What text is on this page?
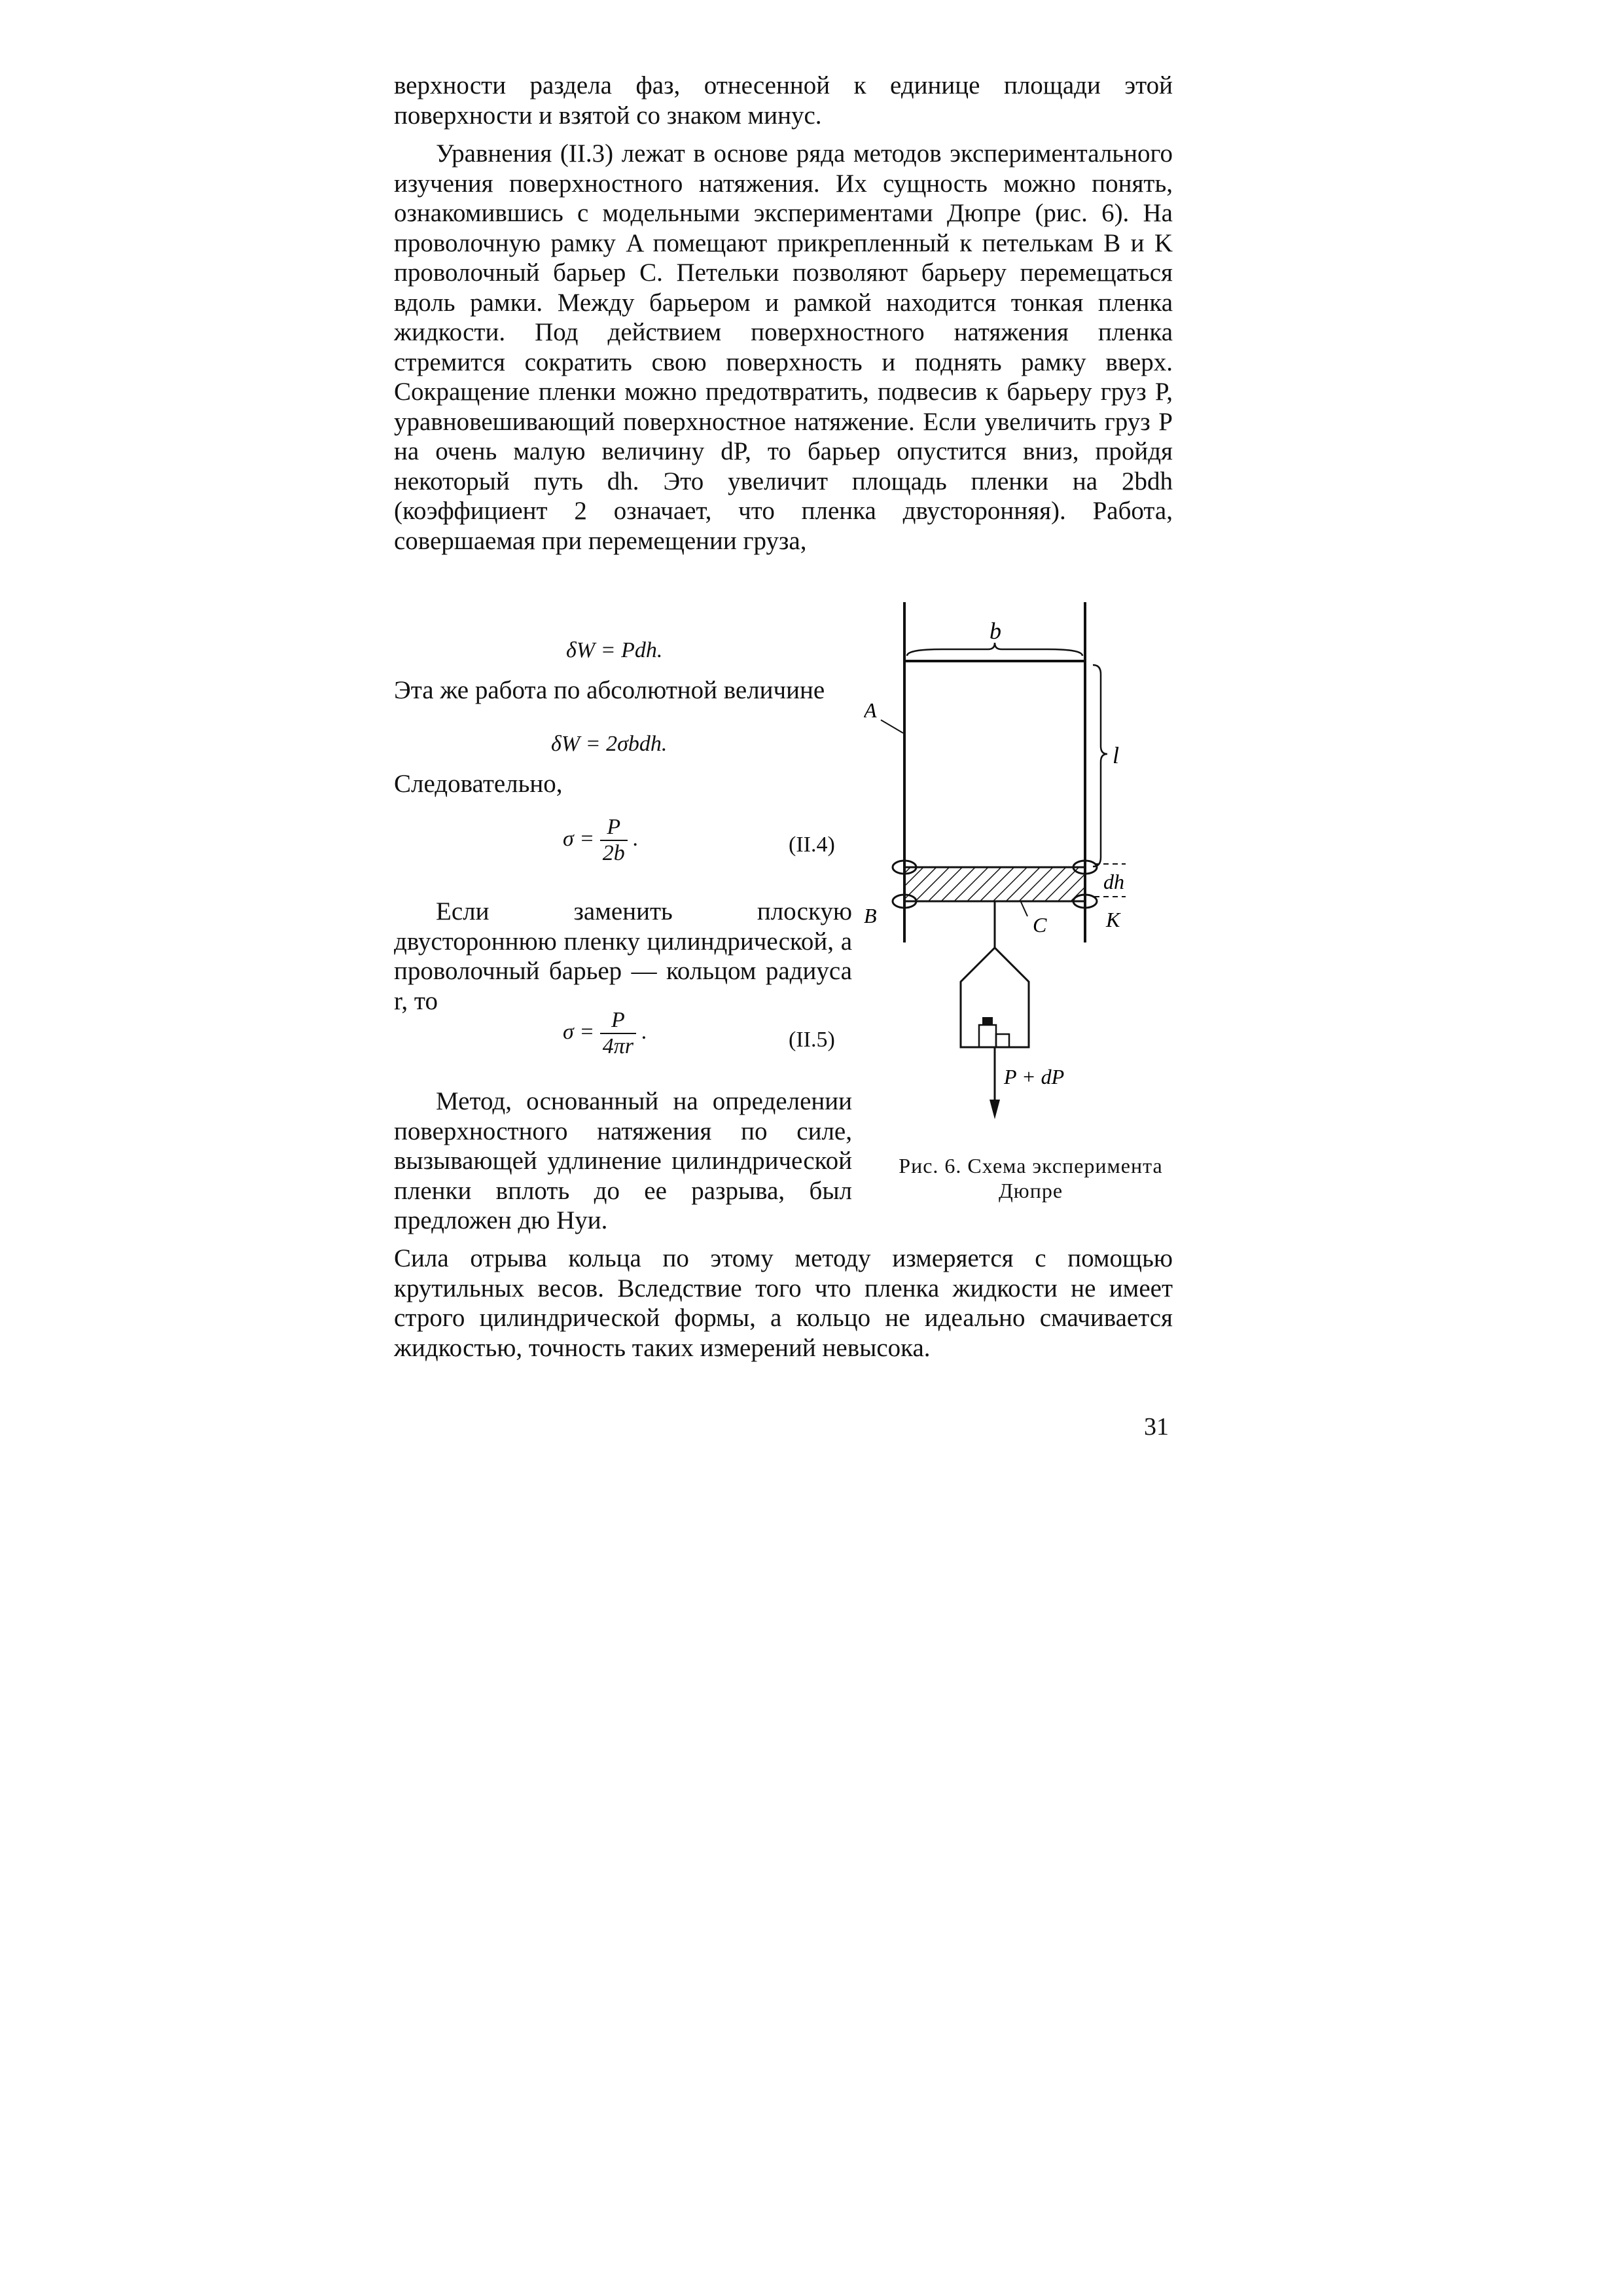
верхности раздела фаз, отнесенной к единице площади этой поверхности и взятой со знаком минус.

Уравнения (II.3) лежат в основе ряда методов экспериментального изучения поверхностного натяжения. Их сущность можно понять, ознакомившись с модельными экспериментами Дюпре (рис. 6). На проволочную рамку A помещают прикрепленный к петелькам B и K проволочный барьер C. Петельки позволяют барьеру перемещаться вдоль рамки. Между барьером и рамкой находится тонкая пленка жидкости. Под действием поверхностного натяжения пленка стремится сократить свою поверхность и поднять рамку вверх. Сокращение пленки можно предотвратить, подвесив к барьеру груз P, уравновешивающий поверхностное натяжение. Если увеличить груз P на очень малую величину dP, то барьер опустится вниз, пройдя некоторый путь dh. Это увеличит площадь пленки на 2bdh (коэффициент 2 означает, что пленка двусторонняя). Работа, совершаемая при перемещении груза,

δW = Pdh.

Эта же работа по абсолютной величине

δW = 2σbdh.

Следовательно,

$\sigma = \frac{P}{2b}$ .	(II.4)

Если заменить плоскую двустороннюю пленку цилиндрической, а проволочный барьер — кольцом радиуса r, то

$\sigma = \frac{P}{4\pi r}$ .	(II.5)

Метод, основанный на определении поверхностного натяжения по силе, вызывающей удлинение цилиндрической пленки вплоть до ее разрыва, был предложен дю Нуи.

Сила отрыва кольца по этому методу измеряется с помощью крутильных весов. Вследствие того что пленка жидкости не имеет строго цилиндрической формы, а кольцо не идеально смачивается жидкостью, точность таких измерений невысока.

b
l
A
B	C	K
dh
P + dP
Рис. 6. Схема эксперимента Дюпре
31
